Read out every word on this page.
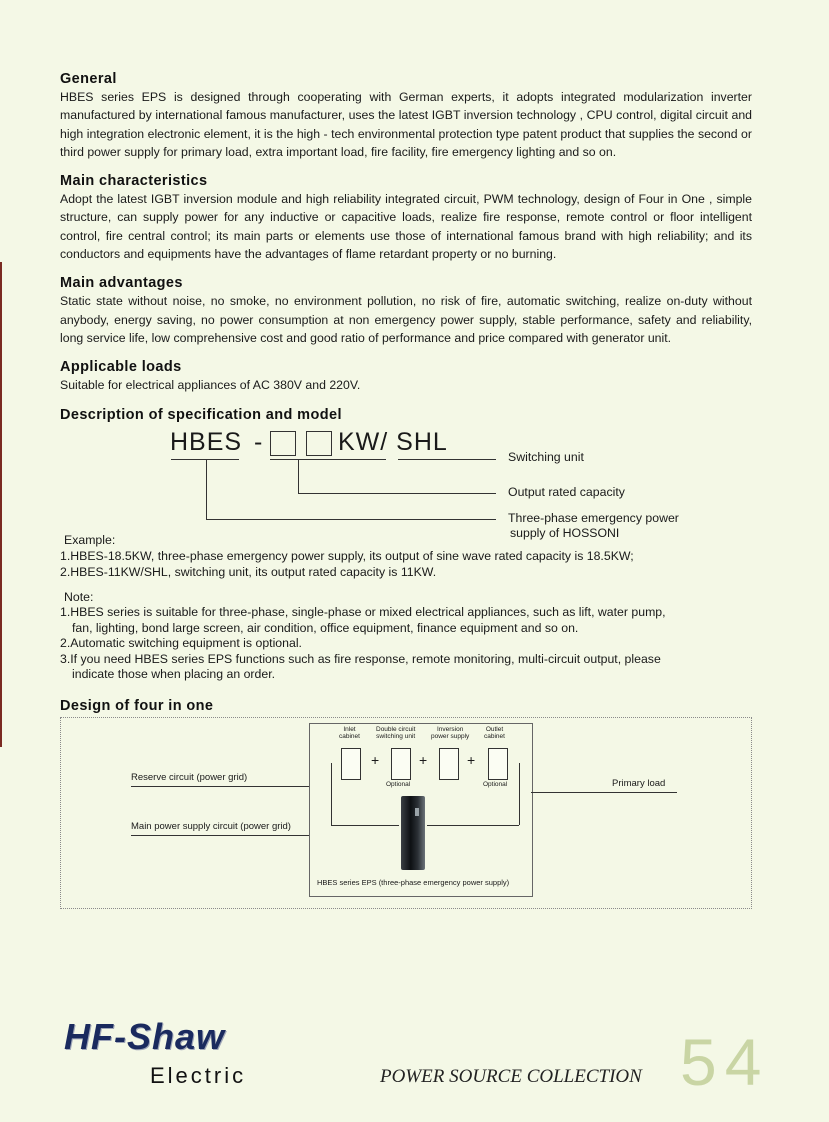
General

HBES series EPS is designed through cooperating with German experts, it adopts integrated modularization inverter manufactured by international famous manufacturer, uses the latest IGBT inversion technology , CPU control, digital circuit and high integration electronic element, it is the high - tech environmental protection type patent product that supplies the second or third power supply for primary load, extra important load, fire facility, fire emergency lighting and so on.

Main characteristics

Adopt the latest IGBT inversion module and high reliability integrated circuit, PWM technology, design of Four in One , simple structure, can supply power for any inductive or capacitive loads, realize fire response, remote control or floor intelligent control, fire central control; its main parts or elements use those of international famous brand with high reliability; and its conductors and equipments have the advantages of flame retardant property or no burning.

Main advantages

Static state without noise, no smoke, no environment pollution, no risk of fire, automatic switching, realize on-duty without anybody, energy saving, no power consumption at non emergency power supply, stable performance, safety and reliability, long service life, low comprehensive cost and good ratio of performance and price compared with generator unit.

Applicable loads

Suitable for electrical appliances of AC 380V and 220V.

Description of specification and model
HBES -	KW/ SHL
Switching unit
Output rated capacity
Three-phase emergency power
supply of HOSSONI
Example:
1.HBES-18.5KW, three-phase emergency power supply, its output of sine wave rated capacity is 18.5KW;
2.HBES-11KW/SHL, switching unit, its output rated capacity is 11KW.
Note:
1.HBES series is suitable for three-phase, single-phase or mixed electrical appliances, such as lift, water pump,
fan, lighting, bond large screen, air condition, office equipment, finance equipment and so on.
2.Automatic switching equipment is optional.
3.If you need HBES series EPS functions such as fire response, remote monitoring, multi-circuit output, please
indicate those when placing an order.
Design of four in one
Inlet
cabinet
Double circuit
switching unit
Inversion
power supply
Outlet
cabinet
+	+	+
Optional	Optional
Reserve circuit (power grid)
Main power supply circuit (power grid)
Primary load
HBES series EPS (three-phase emergency power supply)
HF-Shaw
Electric	POWER SOURCE COLLECTION 54
